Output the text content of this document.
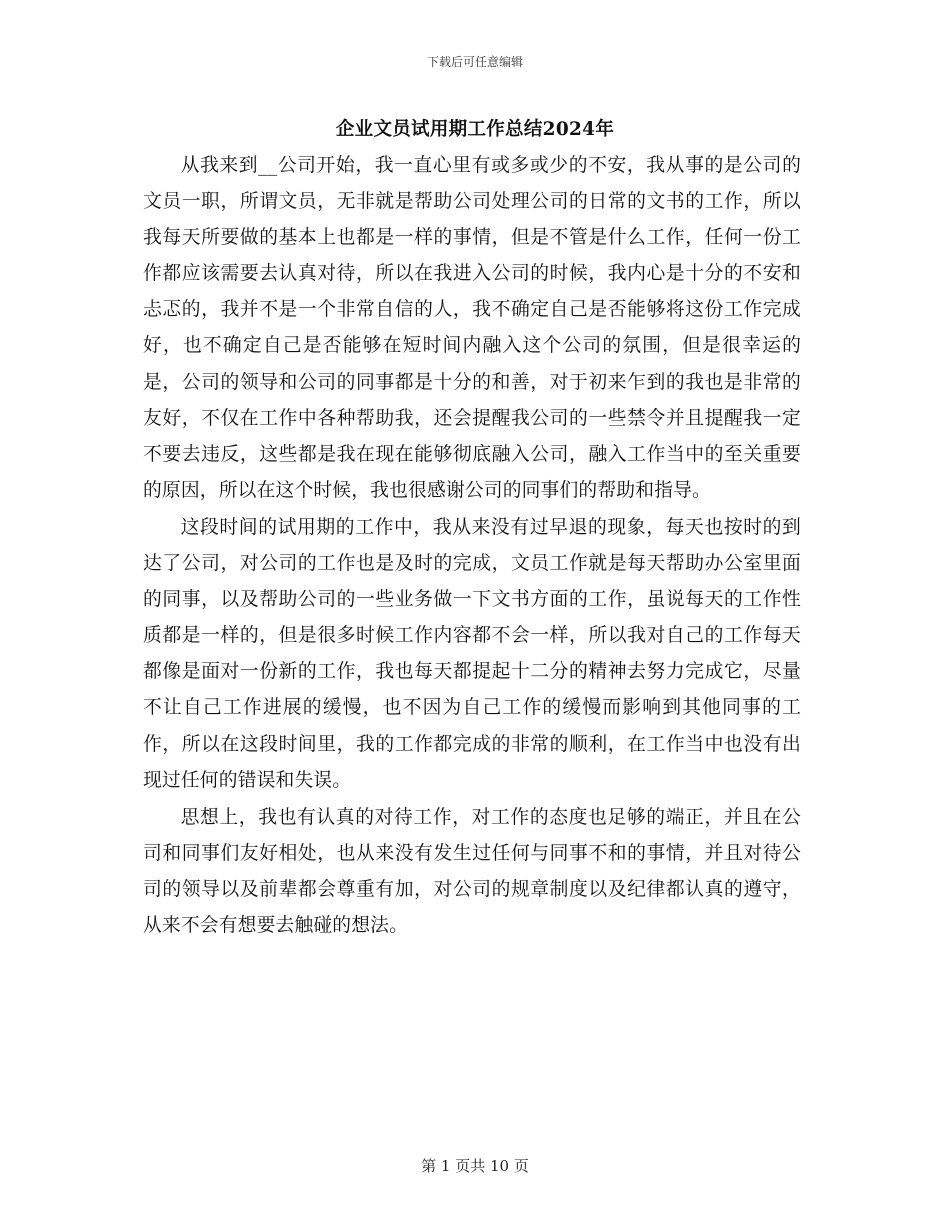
下载后可任意编辑
企业文员试用期工作总结2024年

从我来到__公司开始，我一直心里有或多或少的不安，我从事的是公司的文员一职，所谓文员，无非就是帮助公司处理公司的日常的文书的工作，所以我每天所要做的基本上也都是一样的事情，但是不管是什么工作，任何一份工作都应该需要去认真对待，所以在我进入公司的时候，我内心是十分的不安和忐忑的，我并不是一个非常自信的人，我不确定自己是否能够将这份工作完成好，也不确定自己是否能够在短时间内融入这个公司的氛围，但是很幸运的是，公司的领导和公司的同事都是十分的和善，对于初来乍到的我也是非常的友好，不仅在工作中各种帮助我，还会提醒我公司的一些禁令并且提醒我一定不要去违反，这些都是我在现在能够彻底融入公司，融入工作当中的至关重要的原因，所以在这个时候，我也很感谢公司的同事们的帮助和指导。

这段时间的试用期的工作中，我从来没有过早退的现象，每天也按时的到达了公司，对公司的工作也是及时的完成，文员工作就是每天帮助办公室里面的同事，以及帮助公司的一些业务做一下文书方面的工作，虽说每天的工作性质都是一样的，但是很多时候工作内容都不会一样，所以我对自己的工作每天都像是面对一份新的工作，我也每天都提起十二分的精神去努力完成它，尽量不让自己工作进展的缓慢，也不因为自己工作的缓慢而影响到其他同事的工作，所以在这段时间里，我的工作都完成的非常的顺利，在工作当中也没有出现过任何的错误和失误。

思想上，我也有认真的对待工作，对工作的态度也足够的端正，并且在公司和同事们友好相处，也从来没有发生过任何与同事不和的事情，并且对待公司的领导以及前辈都会尊重有加，对公司的规章制度以及纪律都认真的遵守，从来不会有想要去触碰的想法。

第 1 页共 10 页
